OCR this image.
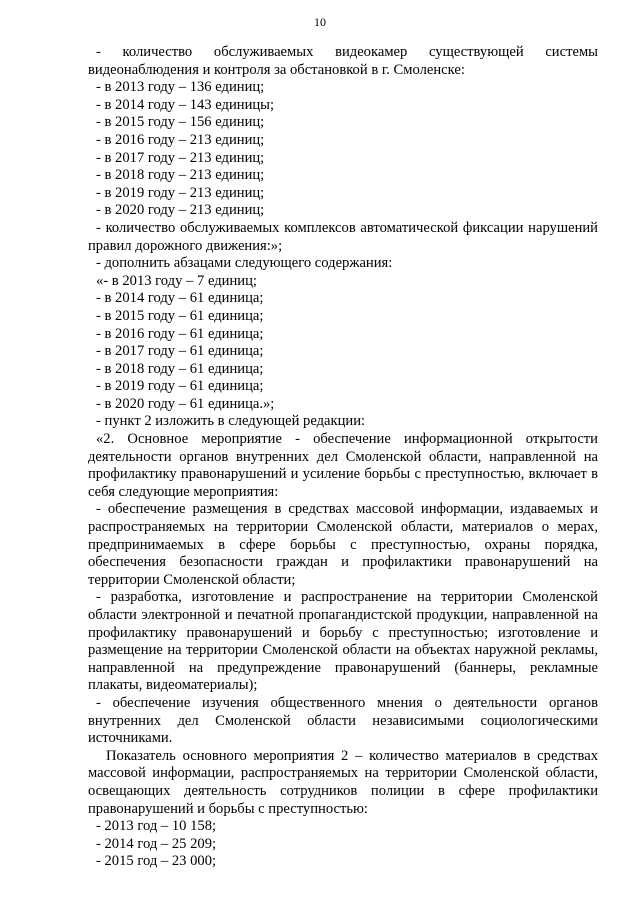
10

- количество обслуживаемых видеокамер существующей системы видеонаблюдения и контроля за обстановкой в г. Смоленске:

- в 2013 году – 136 единиц;

- в 2014 году – 143 единицы;

- в 2015 году – 156 единиц;

- в 2016 году – 213 единиц;

- в 2017 году – 213 единиц;

- в 2018 году – 213 единиц;

- в 2019 году – 213 единиц;

- в 2020 году – 213 единиц;

- количество обслуживаемых комплексов автоматической фиксации нарушений правил дорожного движения:»;

- дополнить абзацами следующего содержания:

«- в 2013 году – 7 единиц;

- в 2014 году – 61 единица;

- в 2015 году – 61 единица;

- в 2016 году – 61 единица;

- в 2017 году – 61 единица;

- в 2018 году – 61 единица;

- в 2019 году – 61 единица;

- в 2020 году – 61 единица.»;

- пункт 2 изложить в следующей редакции:

«2. Основное мероприятие - обеспечение информационной открытости деятельности органов внутренних дел Смоленской области, направленной на профилактику правонарушений и усиление борьбы с преступностью, включает в себя следующие мероприятия:

- обеспечение размещения в средствах массовой информации, издаваемых и распространяемых на территории Смоленской области, материалов о мерах, предпринимаемых в сфере борьбы с преступностью, охраны порядка, обеспечения безопасности граждан и профилактики правонарушений на территории Смоленской области;

- разработка, изготовление и распространение на территории Смоленской области электронной и печатной пропагандистской продукции, направленной на профилактику правонарушений и борьбу с преступностью; изготовление и размещение на территории Смоленской области на объектах наружной рекламы, направленной на предупреждение правонарушений (баннеры, рекламные плакаты, видеоматериалы);

- обеспечение изучения общественного мнения о деятельности органов внутренних дел Смоленской области независимыми социологическими источниками.

Показатель основного мероприятия 2 – количество материалов в средствах массовой информации, распространяемых на территории Смоленской области, освещающих деятельность сотрудников полиции в сфере профилактики правонарушений и борьбы с преступностью:

- 2013 год – 10 158;

- 2014 год – 25 209;

- 2015 год – 23 000;
